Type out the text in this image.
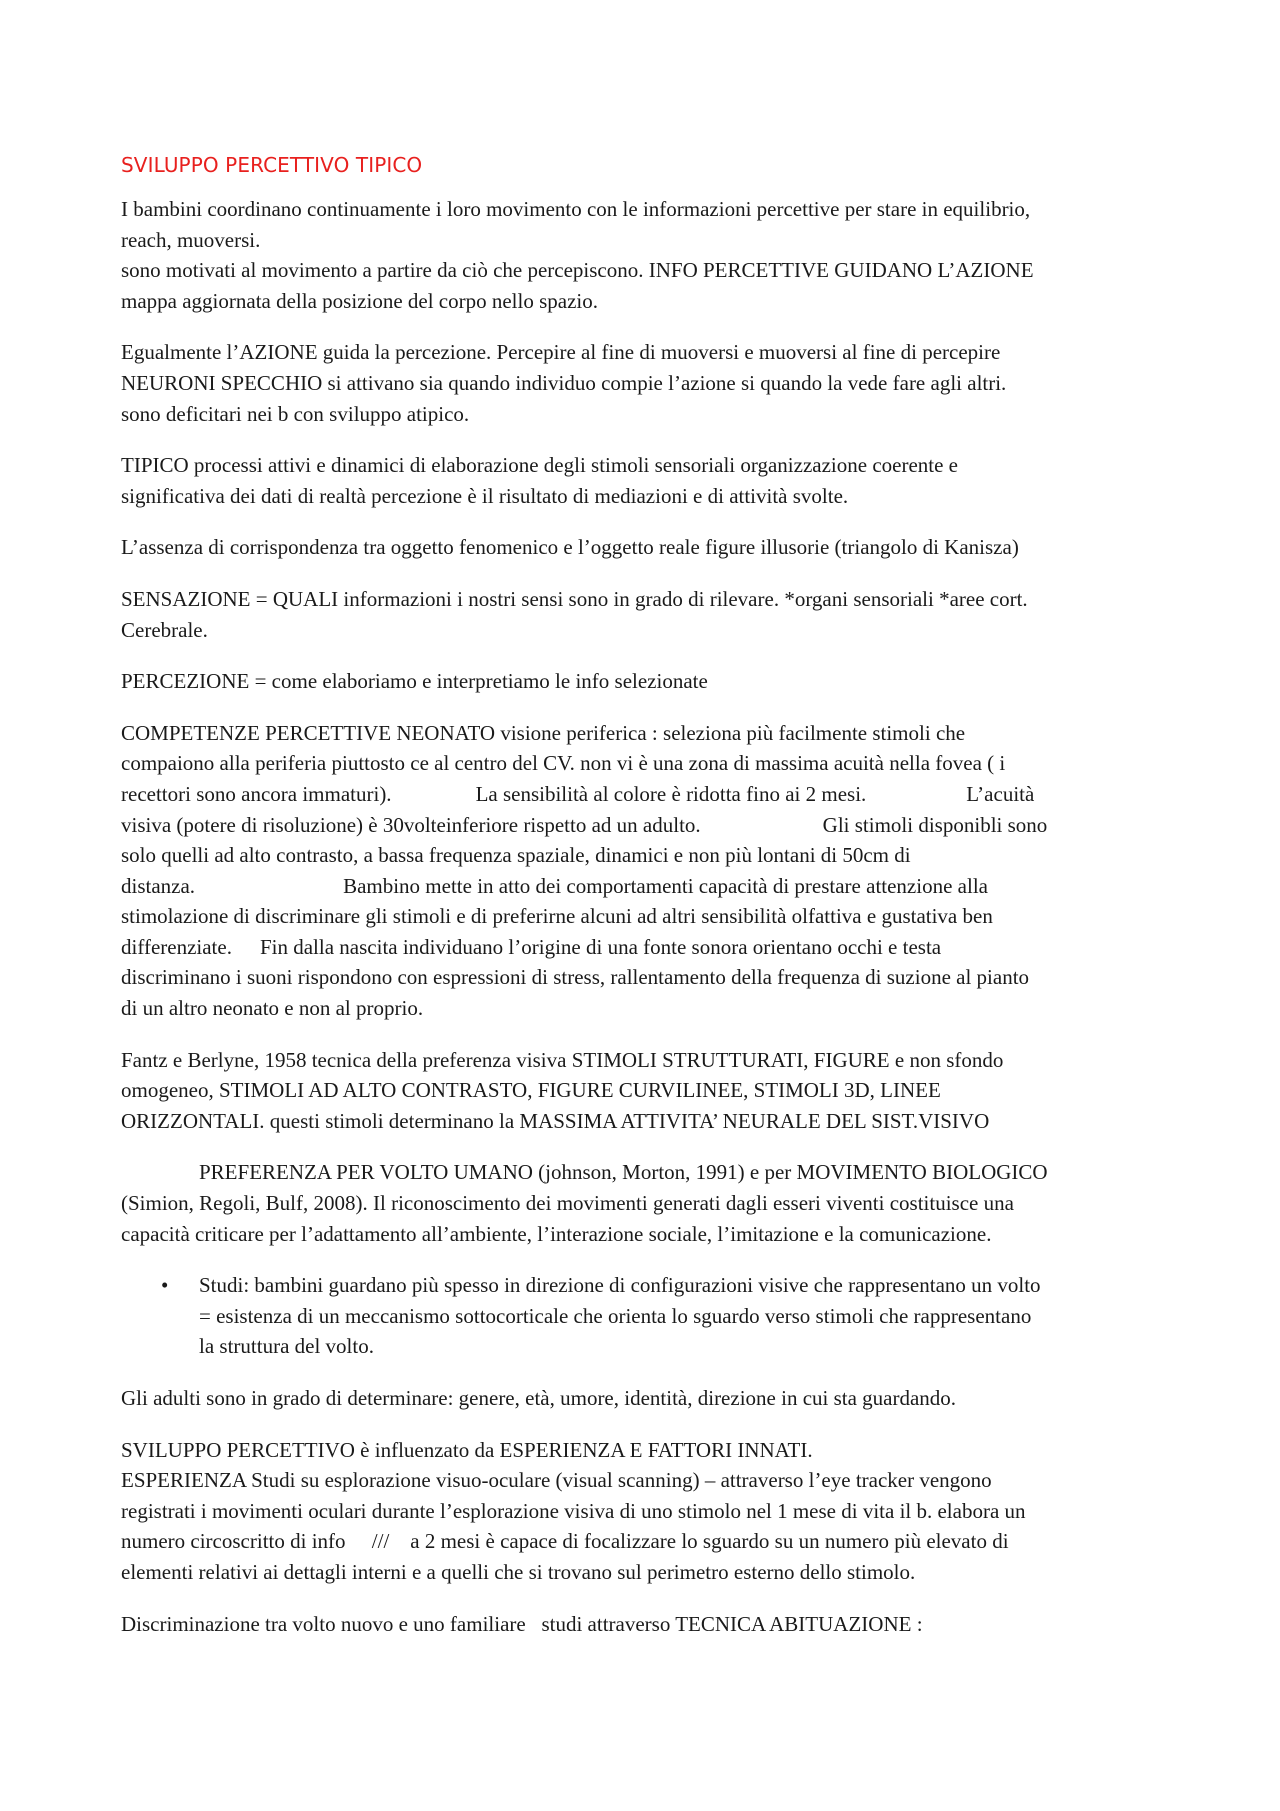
SVILUPPO PERCETTIVO TIPICO

I bambini coordinano continuamente i loro movimento con le informazioni percettive per stare in equilibrio,
reach, muoversi.
sono motivati al movimento a partire da ciò che percepiscono. INFO PERCETTIVE GUIDANO L’AZIONE
mappa aggiornata della posizione del corpo nello spazio.

Egualmente l’AZIONE guida la percezione. Percepire al fine di muoversi e muoversi al fine di percepire
NEURONI SPECCHIO si attivano sia quando individuo compie l’azione si quando la vede fare agli altri.
sono deficitari nei b con sviluppo atipico.

TIPICO processi attivi e dinamici di elaborazione degli stimoli sensoriali organizzazione coerente e
significativa dei dati di realtà percezione è il risultato di mediazioni e di attività svolte.

L’assenza di corrispondenza tra oggetto fenomenico e l’oggetto reale figure illusorie (triangolo di Kanisza)

SENSAZIONE = QUALI informazioni i nostri sensi sono in grado di rilevare. *organi sensoriali *aree cort.
Cerebrale.

PERCEZIONE = come elaboriamo e interpretiamo le info selezionate

COMPETENZE PERCETTIVE NEONATO visione periferica : seleziona più facilmente stimoli che
compaiono alla periferia piuttosto ce al centro del CV. non vi è una zona di massima acuità nella fovea ( i
recettori sono ancora immaturi).	La sensibilità al colore è ridotta fino ai 2 mesi.	L’acuità
visiva (potere di risoluzione) è 30volteinferiore rispetto ad un adulto.	Gli stimoli disponibli sono
solo quelli ad alto contrasto, a bassa frequenza spaziale, dinamici e non più lontani di 50cm di
distanza.	Bambino mette in atto dei comportamenti capacità di prestare attenzione alla
stimolazione di discriminare gli stimoli e di preferirne alcuni ad altri sensibilità olfattiva e gustativa ben
differenziate. Fin dalla nascita individuano l’origine di una fonte sonora orientano occhi e testa
discriminano i suoni rispondono con espressioni di stress, rallentamento della frequenza di suzione al pianto
di un altro neonato e non al proprio.

Fantz e Berlyne, 1958 tecnica della preferenza visiva STIMOLI STRUTTURATI, FIGURE e non sfondo
omogeneo, STIMOLI AD ALTO CONTRASTO, FIGURE CURVILINEE, STIMOLI 3D, LINEE
ORIZZONTALI. questi stimoli determinano la MASSIMA ATTIVITA’ NEURALE DEL SIST.VISIVO

PREFERENZA PER VOLTO UMANO (johnson, Morton, 1991) e per MOVIMENTO BIOLOGICO
(Simion, Regoli, Bulf, 2008). Il riconoscimento dei movimenti generati dagli esseri viventi costituisce una
capacità criticare per l’adattamento all’ambiente, l’interazione sociale, l’imitazione e la comunicazione.

• Studi: bambini guardano più spesso in direzione di configurazioni visive che rappresentano un volto
= esistenza di un meccanismo sottocorticale che orienta lo sguardo verso stimoli che rappresentano
la struttura del volto.

Gli adulti sono in grado di determinare: genere, età, umore, identità, direzione in cui sta guardando.

SVILUPPO PERCETTIVO è influenzato da ESPERIENZA E FATTORI INNATI.
ESPERIENZA Studi su esplorazione visuo-oculare (visual scanning) – attraverso l’eye tracker vengono
registrati i movimenti oculari durante l’esplorazione visiva di uno stimolo nel 1 mese di vita il b. elabora un
numero circoscritto di info     ///    a 2 mesi è capace di focalizzare lo sguardo su un numero più elevato di
elementi relativi ai dettagli interni e a quelli che si trovano sul perimetro esterno dello stimolo.

Discriminazione tra volto nuovo e uno familiare   studi attraverso TECNICA ABITUAZIONE :
